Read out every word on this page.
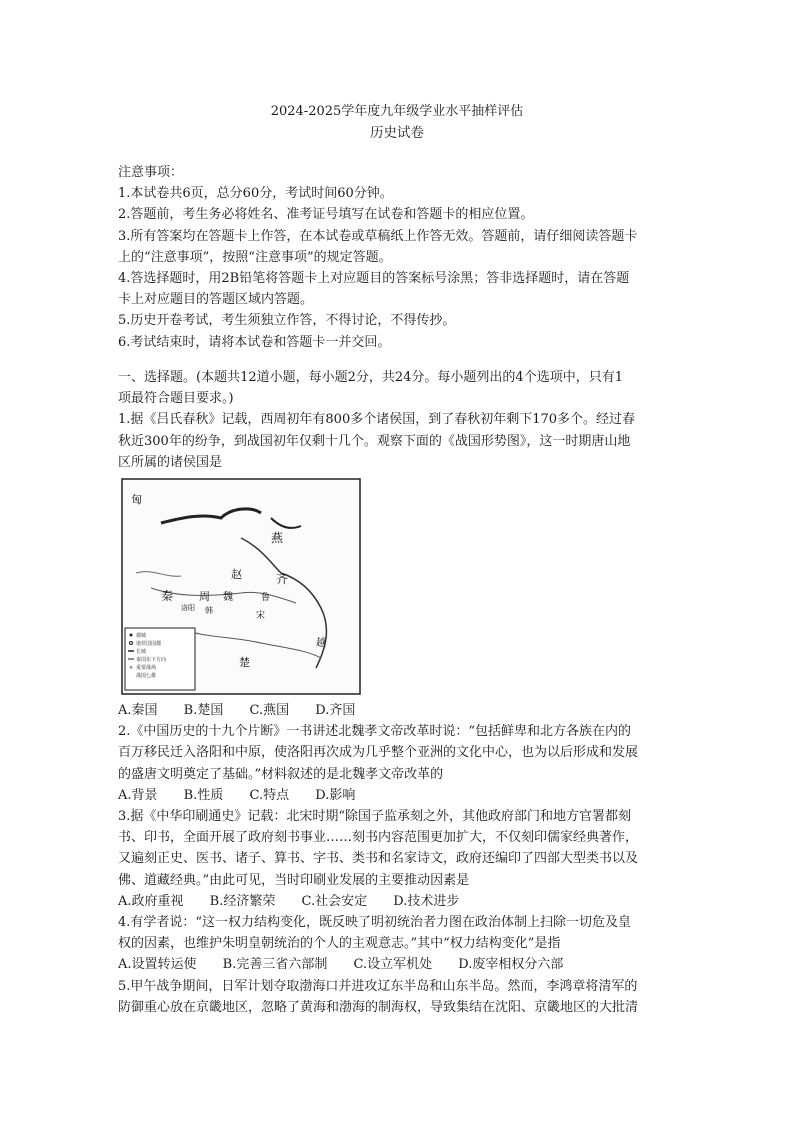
2024-2025学年度九年级学业水平抽样评估
历史试卷
注意事项：
1.本试卷共6页，总分60分，考试时间60分钟。
2.答题前，考生务必将姓名、准考证号填写在试卷和答题卡的相应位置。
3.所有答案均在答题卡上作答，在本试卷或草稿纸上作答无效。答题前，请仔细阅读答题卡
上的“注意事项”，按照“注意事项”的规定答题。
4.答选择题时，用2B铅笔将答题卡上对应题目的答案标号涂黑；答非选择题时，请在答题
卡上对应题目的答题区域内答题。
5.历史开卷考试，考生须独立作答，不得讨论，不得传抄。
6.考试结束时，请将本试卷和答题卡一并交回。
一、选择题。(本题共12道小题，每小题2分，共24分。每小题列出的4个选项中，只有1
项最符合题目要求。)
1.据《吕氏春秋》记载，西周初年有800多个诸侯国，到了春秋初年剩下170多个。经过春
秋近300年的纷争，到战国初年仅剩十几个。观察下面的《战国形势图》，这一时期唐山地
区所属的诸侯国是
都城
诸侯国国都
长城
秦国东下方向
× 重要战场
战国七雄
匈
燕
赵
秦 周 魏
韩
齐
鲁
宋
楚
越
洛阳
A.秦国 B.楚国 C.燕国 D.齐国
2.《中国历史的十九个片断》一书讲述北魏孝文帝改革时说：“包括鲜卑和北方各族在内的
百万移民迁入洛阳和中原，使洛阳再次成为几乎整个亚洲的文化中心，也为以后形成和发展
的盛唐文明奠定了基础。”材料叙述的是北魏孝文帝改革的
A.背景 B.性质 C.特点 D.影响
3.据《中华印刷通史》记载：北宋时期“除国子监承刻之外，其他政府部门和地方官署都刻
书、印书，全面开展了政府刻书事业……刻书内容范围更加扩大，不仅刻印儒家经典著作，
又遍刻正史、医书、诸子、算书、字书、类书和名家诗文，政府还编印了四部大型类书以及
佛、道藏经典。”由此可见，当时印刷业发展的主要推动因素是
A.政府重视 B.经济繁荣 C.社会安定 D.技术进步
4.有学者说：“这一权力结构变化，既反映了明初统治者力图在政治体制上扫除一切危及皇
权的因素，也维护朱明皇朝统治的个人的主观意志。”其中“权力结构变化”是指
A.设置转运使 B.完善三省六部制 C.设立军机处 D.废宰相权分六部
5.甲午战争期间，日军计划夺取渤海口并进攻辽东半岛和山东半岛。然而，李鸿章将清军的
防御重心放在京畿地区，忽略了黄海和渤海的制海权，导致集结在沈阳、京畿地区的大批清
